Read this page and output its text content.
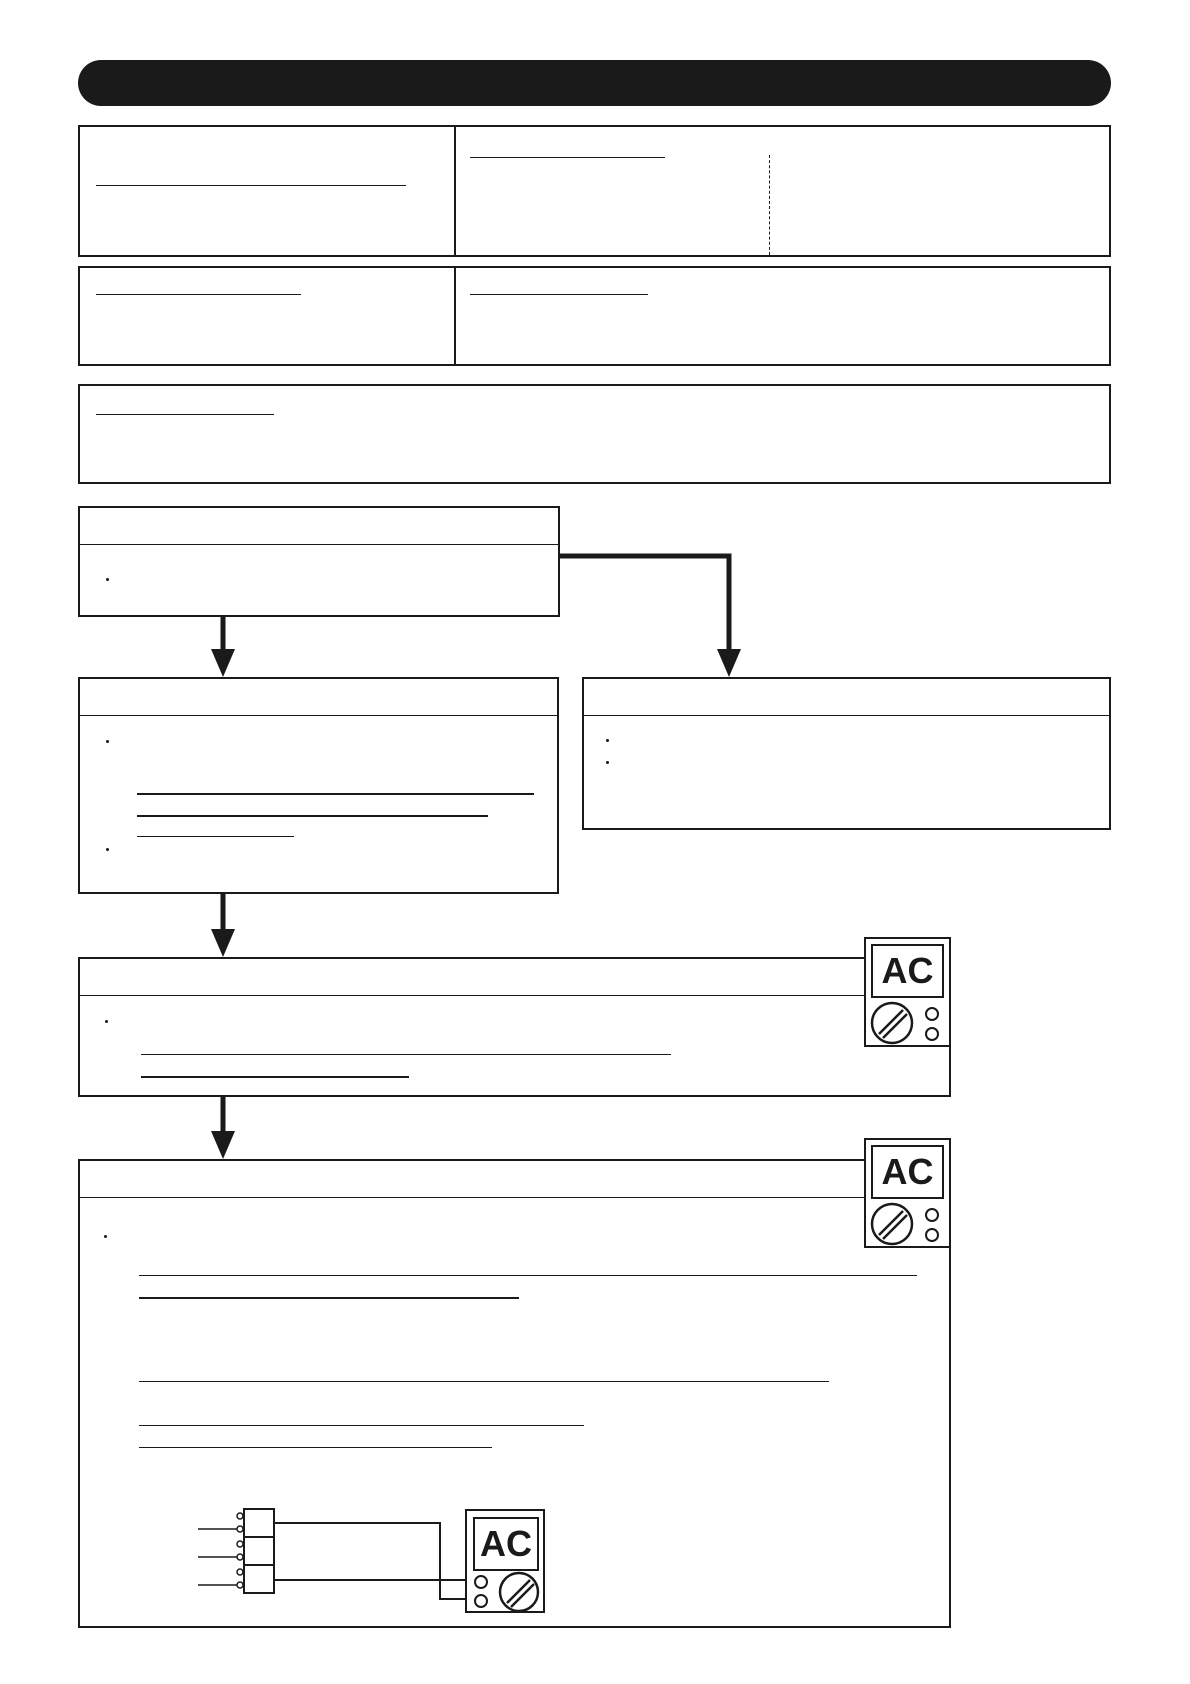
AC
AC
AC
